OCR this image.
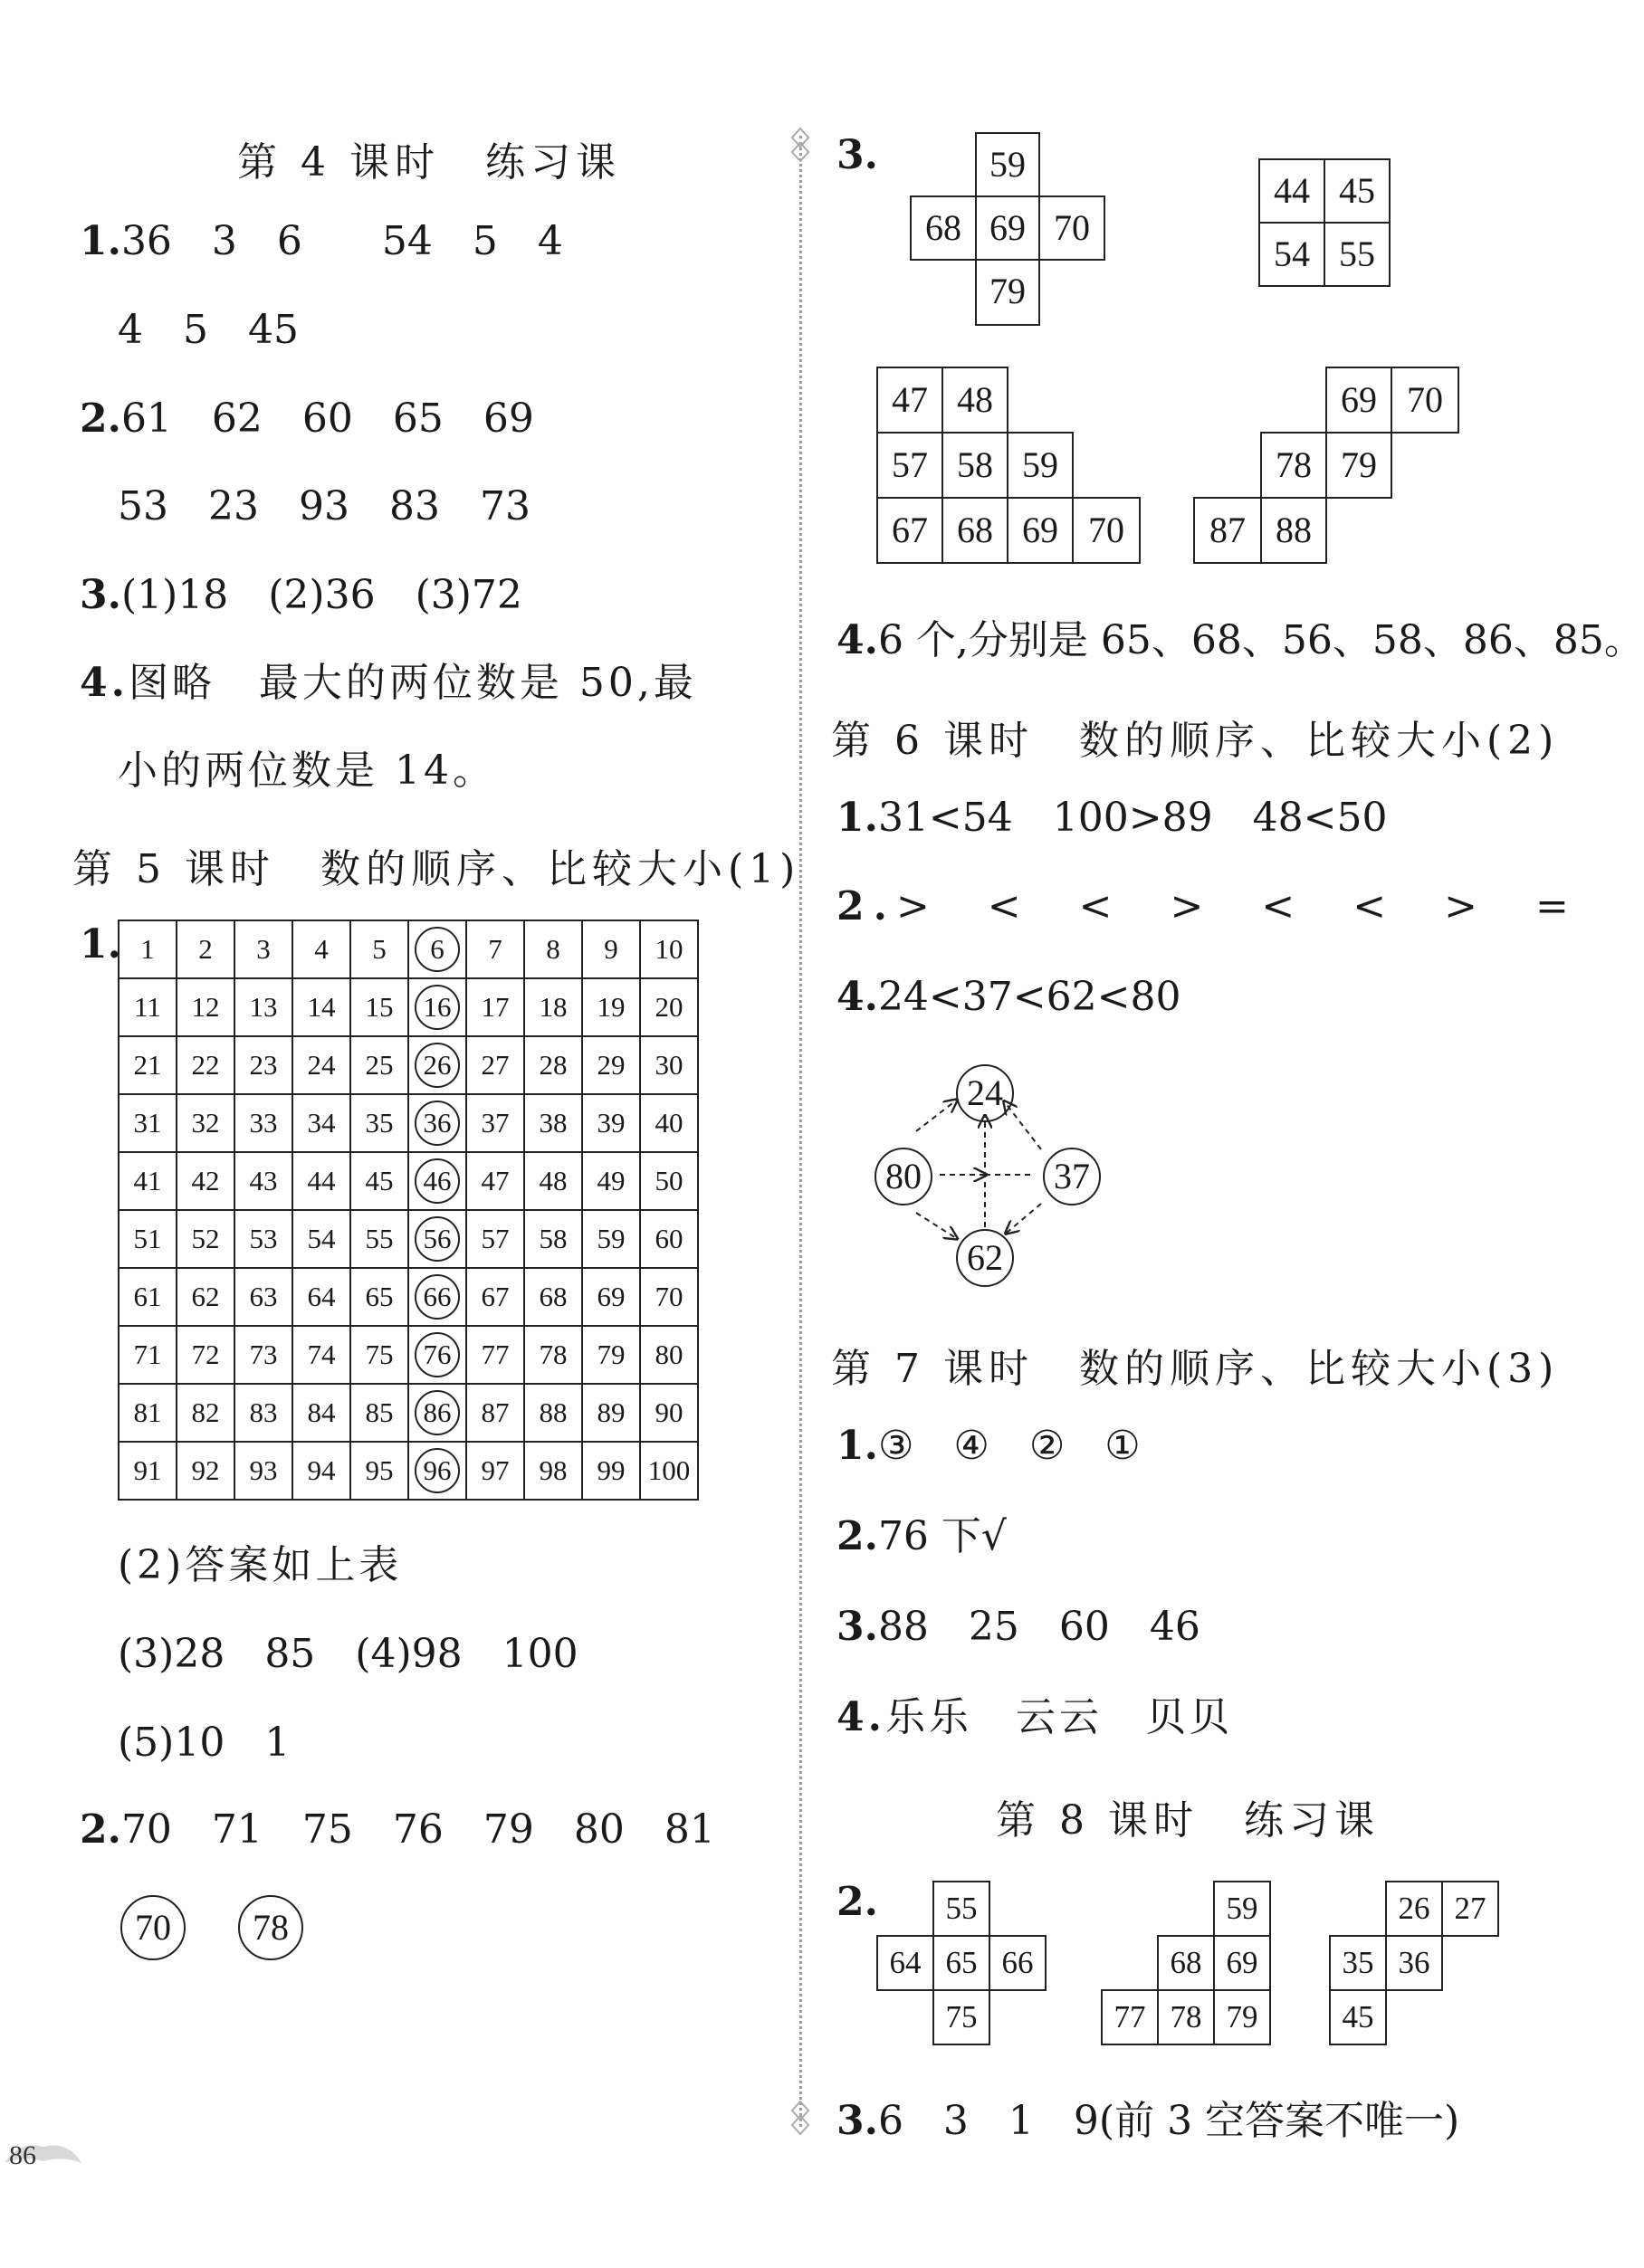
第 4 课时　练习课
1.36　3　6　　54　5　4
4　5　45
2.61　62　60　65　69
53　23　93　83　73
3.(1)18　(2)36　(3)72
4.图略　最大的两位数是 50,最
小的两位数是 14。
第 5 课时　数的顺序、比较大小(1)
1. 1	2	3	4	5	6	7	8	9	10
11	12	13	14	15	16	17	18	19	20
21	22	23	24	25	26	27	28	29	30
31	32	33	34	35	36	37	38	39	40
41	42	43	44	45	46	47	48	49	50
51	52	53	54	55	56	57	58	59	60
61	62	63	64	65	66	67	68	69	70
71	72	73	74	75	76	77	78	79	80
81	82	83	84	85	86	87	88	89	90
91	92	93	94	95	96	97	98	99	100
(2)答案如上表
(3)28　85　(4)98　100
(5)10　1
2.70　71　75　76　79　80　81
70	78
86
3.	59
68 69 70
79
44 45
54 55
47 48
57 58 59
67 68 69 70
69 70
78 79
87 88
4.6 个,分别是 65、68、56、58、86、85。
第 6 课时　数的顺序、比较大小(2)
1.31<54　100>89　48<50
2.>　<　<　>　<　<　>　=
4.24<37<62<80
24
80	37
62
第 7 课时　数的顺序、比较大小(3)
1.③　④　②　①
2.76 下√
3.88　25　60　46
4.乐乐　云云　贝贝
第 8 课时　练习课
2.	55
64 65 66
75
59
68 69
77 78 79
26 27
35 36
45
3.6　3　1　9(前 3 空答案不唯一)
